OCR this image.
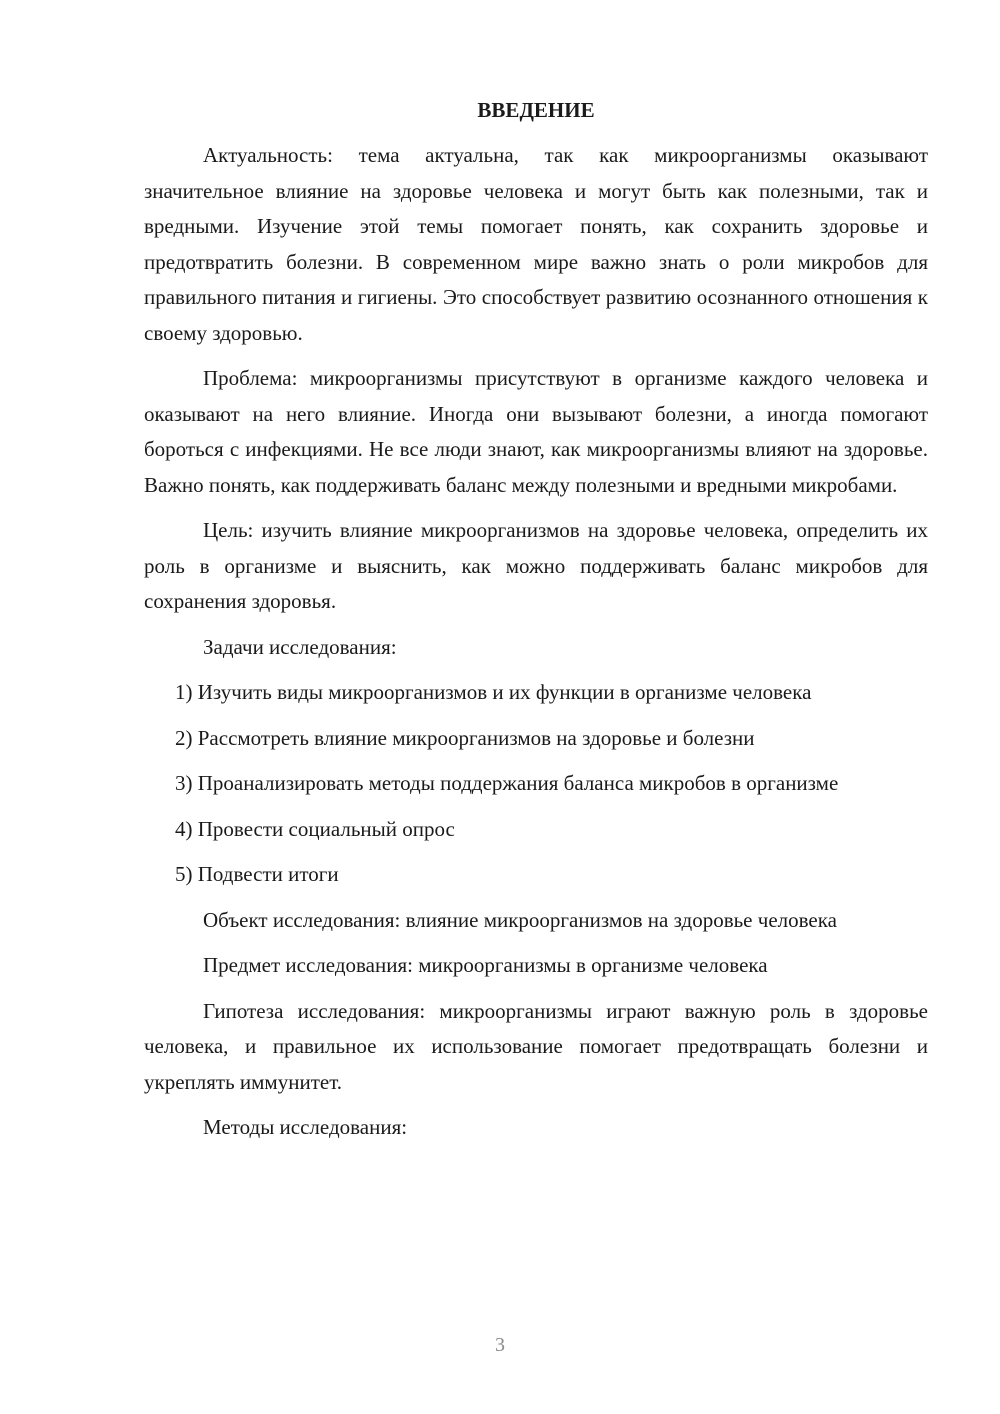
ВВЕДЕНИЕ

Актуальность: тема актуальна, так как микроорганизмы оказывают значительное влияние на здоровье человека и могут быть как полезными, так и вредными. Изучение этой темы помогает понять, как сохранить здоровье и предотвратить болезни. В современном мире важно знать о роли микробов для правильного питания и гигиены. Это способствует развитию осознанного отношения к своему здоровью.

Проблема: микроорганизмы присутствуют в организме каждого человека и оказывают на него влияние. Иногда они вызывают болезни, а иногда помогают бороться с инфекциями. Не все люди знают, как микроорганизмы влияют на здоровье. Важно понять, как поддерживать баланс между полезными и вредными микробами.

Цель: изучить влияние микроорганизмов на здоровье человека, определить их роль в организме и выяснить, как можно поддерживать баланс микробов для сохранения здоровья.

Задачи исследования:

1) Изучить виды микроорганизмов и их функции в организме человека

2) Рассмотреть влияние микроорганизмов на здоровье и болезни

3) Проанализировать методы поддержания баланса микробов в организме

4) Провести социальный опрос

5) Подвести итоги

Объект исследования: влияние микроорганизмов на здоровье человека

Предмет исследования: микроорганизмы в организме человека

Гипотеза исследования: микроорганизмы играют важную роль в здоровье человека, и правильное их использование помогает предотвращать болезни и укреплять иммунитет.

Методы исследования:

3
